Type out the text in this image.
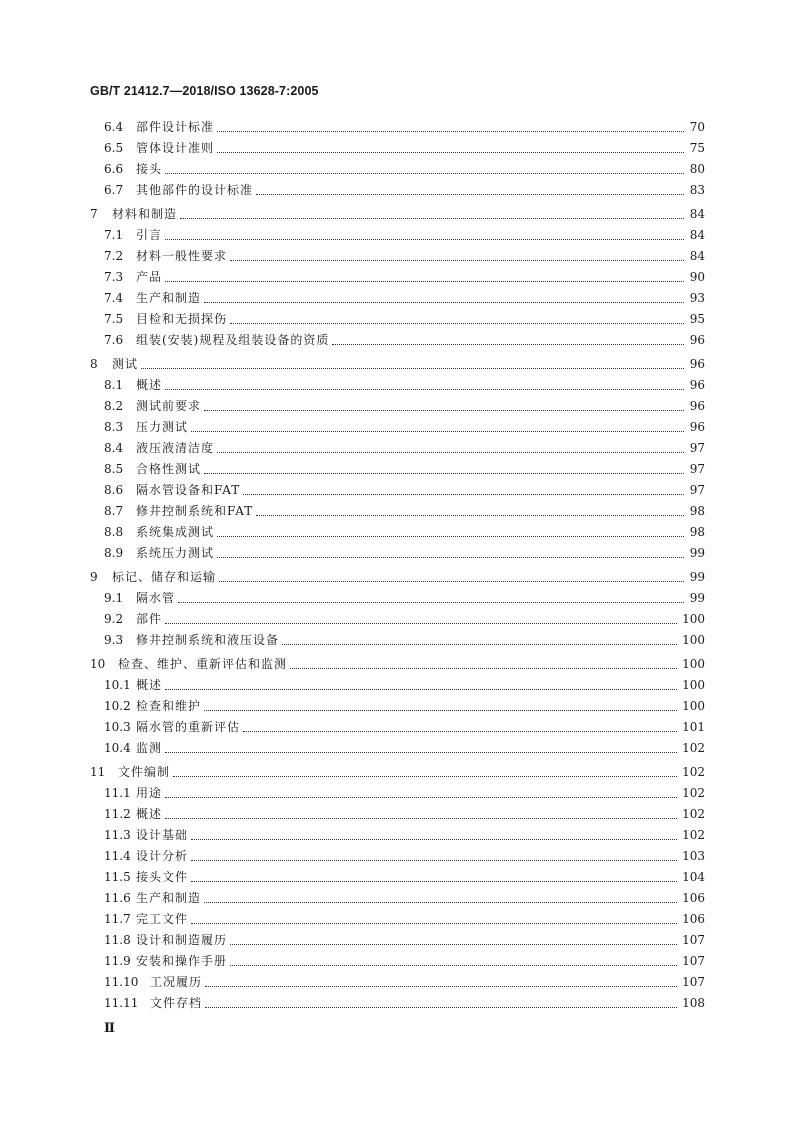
GB/T 21412.7—2018/ISO 13628-7:2005
6.4 部件设计标准	70
6.5 管体设计准则	75
6.6 接头	80
6.7 其他部件的设计标准	83
7 材料和制造	84
7.1 引言	84
7.2 材料一般性要求	84
7.3 产品	90
7.4 生产和制造	93
7.5 目检和无损探伤	95
7.6 组装(安装)规程及组装设备的资质	96
8 测试	96
8.1 概述	96
8.2 测试前要求	96
8.3 压力测试	96
8.4 液压液清洁度	97
8.5 合格性测试	97
8.6 隔水管设备和FAT	97
8.7 修井控制系统和FAT	98
8.8 系统集成测试	98
8.9 系统压力测试	99
9 标记、储存和运输	99
9.1 隔水管	99
9.2 部件	100
9.3 修井控制系统和液压设备	100
10 检查、维护、重新评估和监测	100
10.1 概述	100
10.2 检查和维护	100
10.3 隔水管的重新评估	101
10.4 监测	102
11 文件编制	102
11.1 用途	102
11.2 概述	102
11.3 设计基础	102
11.4 设计分析	103
11.5 接头文件	104
11.6 生产和制造	106
11.7 完工文件	106
11.8 设计和制造履历	107
11.9 安装和操作手册	107
11.10 工况履历	107
11.11 文件存档	108
Ⅱ
